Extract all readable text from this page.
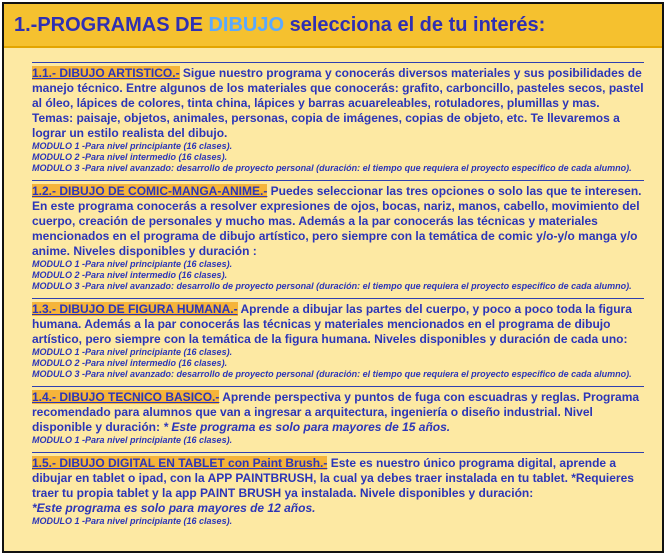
1.-PROGRAMAS DE DIBUJO selecciona el de tu interés:

1.1.- DIBUJO ARTISTICO.- Sigue nuestro programa y conocerás diversos materiales y sus posibilidades de manejo técnico. Entre algunos de los materiales que conocerás: grafito, carboncillo, pasteles secos, pastel al óleo, lápices de colores, tinta china, lápices y barras acuareleables, rotuladores, plumillas y mas.

Temas: paisaje, objetos, animales, personas, copia de imágenes, copias de objeto, etc. Te llevaremos a lograr un estilo realista del dibujo.

MODULO 1 -Para nivel principiante (16 clases).
MODULO 2 -Para nivel intermedio (16 clases).
MODULO 3 -Para nivel avanzado: desarrollo de proyecto personal (duración: el tiempo que requiera el proyecto especifico de cada alumno).

1.2.- DIBUJO DE COMIC-MANGA-ANIME.- Puedes seleccionar las tres opciones o solo las que te interesen. En este programa conocerás a resolver expresiones de ojos, bocas, nariz, manos, cabello, movimiento del cuerpo, creación de personales y mucho mas. Además a la par conocerás las técnicas y materiales mencionados en el programa de dibujo artístico, pero siempre con la temática de comic y/o-y/o manga y/o anime. Niveles disponibles y duración :

MODULO 1 -Para nivel principiante (16 clases).
MODULO 2 -Para nivel intermedio (16 clases).
MODULO 3 -Para nivel avanzado: desarrollo de proyecto personal (duración: el tiempo que requiera el proyecto especifico de cada alumno).

1.3.- DIBUJO DE FIGURA HUMANA.- Aprende a dibujar las partes del cuerpo, y poco a poco toda la figura humana. Además a la par conocerás las técnicas y materiales mencionados en el programa de dibujo artístico, pero siempre con la temática de la figura humana. Niveles disponibles y duración de cada uno:

MODULO 1 -Para nivel principiante (16 clases).
MODULO 2 -Para nivel intermedio (16 clases).
MODULO 3 -Para nivel avanzado: desarrollo de proyecto personal (duración: el tiempo que requiera el proyecto especifico de cada alumno).

1.4.- DIBUJO TECNICO BASICO.- Aprende perspectiva y puntos de fuga con escuadras y reglas. Programa recomendado para alumnos que van a ingresar a arquitectura, ingeniería o diseño industrial. Nivel disponible y duración: * Este programa es solo para mayores de 15 años.

MODULO 1 -Para nivel principiante (16 clases).

1.5.- DIBUJO DIGITAL EN TABLET con Paint Brush.- Este es nuestro único programa digital, aprende a dibujar en tablet o ipad, con la APP PAINTBRUSH, la cual ya debes traer instalada en tu tablet. *Requieres traer tu propia tablet y la app PAINT BRUSH ya instalada. Nivele disponibles y duración:

*Este programa es solo para mayores de 12 años.

MODULO 1 -Para nivel principiante (16 clases).
